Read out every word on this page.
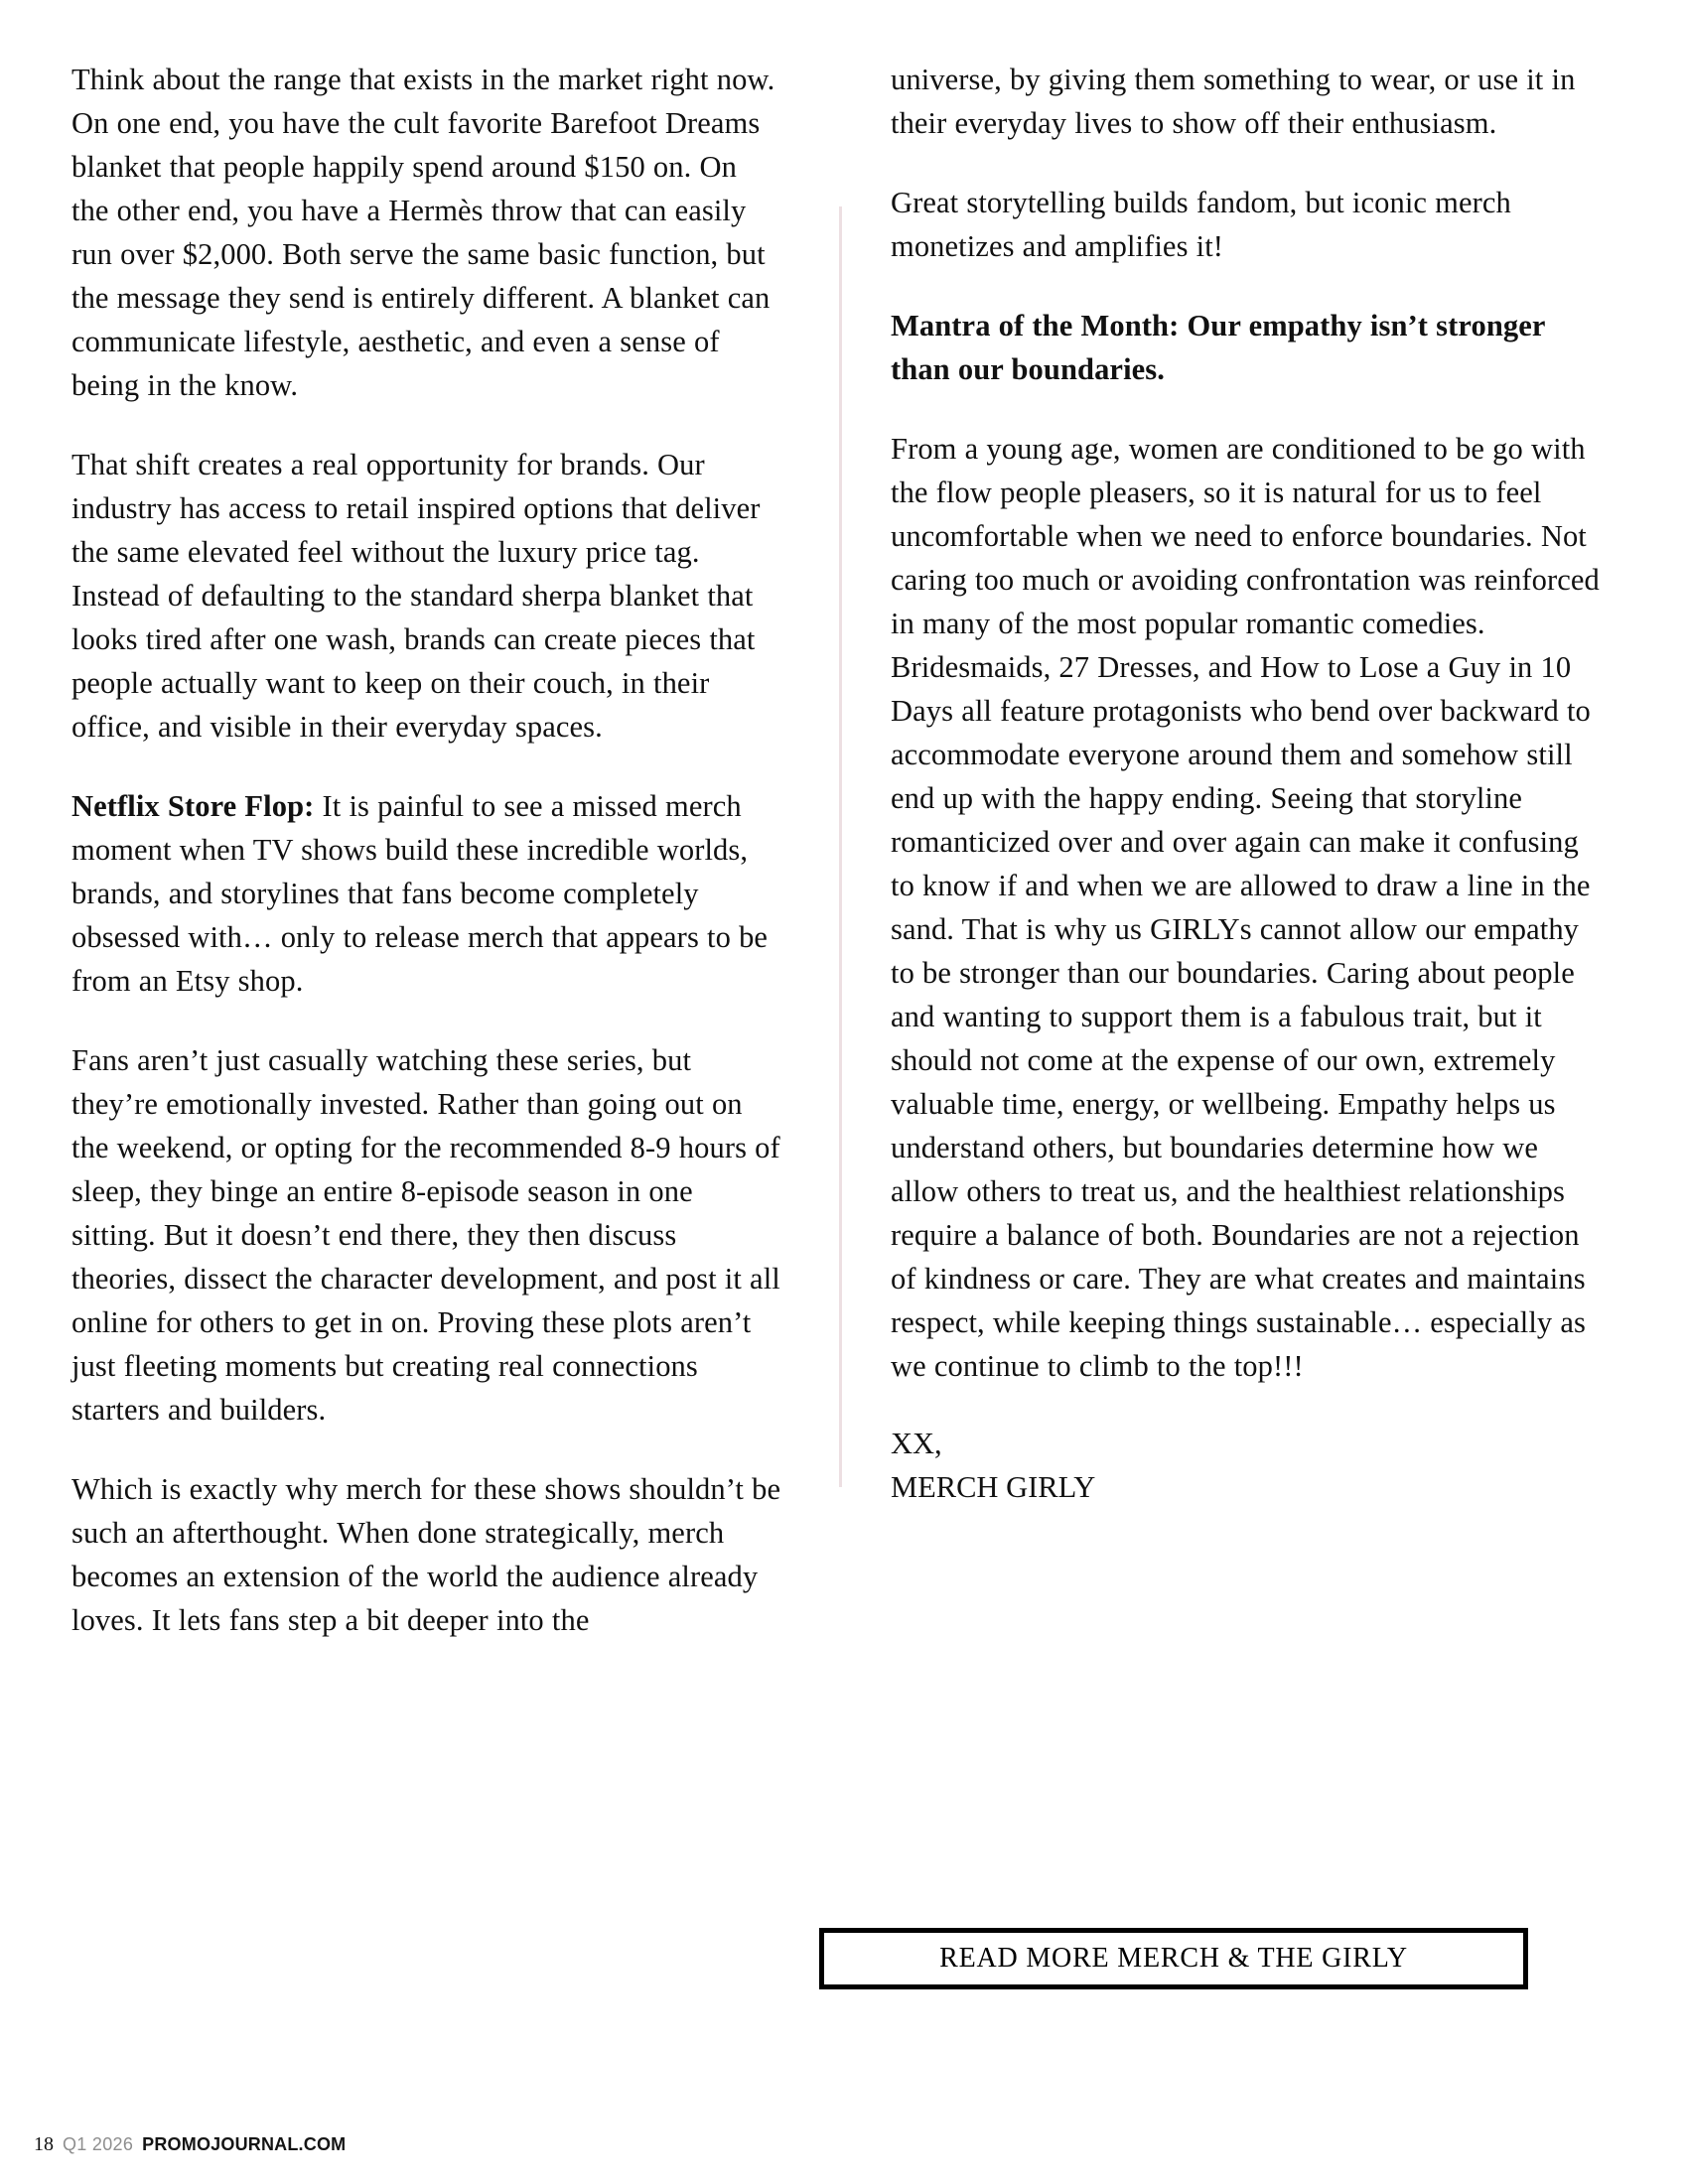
Think about the range that exists in the market right now. On one end, you have the cult favorite Barefoot Dreams blanket that people happily spend around $150 on. On the other end, you have a Hermès throw that can easily run over $2,000. Both serve the same basic function, but the message they send is entirely different. A blanket can communicate lifestyle, aesthetic, and even a sense of being in the know.

That shift creates a real opportunity for brands. Our industry has access to retail inspired options that deliver the same elevated feel without the luxury price tag. Instead of defaulting to the standard sherpa blanket that looks tired after one wash, brands can create pieces that people actually want to keep on their couch, in their office, and visible in their everyday spaces.

Netflix Store Flop: It is painful to see a missed merch moment when TV shows build these incredible worlds, brands, and storylines that fans become completely obsessed with… only to release merch that appears to be from an Etsy shop.

Fans aren’t just casually watching these series, but they’re emotionally invested. Rather than going out on the weekend, or opting for the recommended 8-9 hours of sleep, they binge an entire 8-episode season in one sitting. But it doesn’t end there, they then discuss theories, dissect the character development, and post it all online for others to get in on. Proving these plots aren’t just fleeting moments but creating real connections starters and builders.

Which is exactly why merch for these shows shouldn’t be such an afterthought. When done strategically, merch becomes an extension of the world the audience already loves. It lets fans step a bit deeper into the

universe, by giving them something to wear, or use it in their everyday lives to show off their enthusiasm.

Great storytelling builds fandom, but iconic merch monetizes and amplifies it!

Mantra of the Month: Our empathy isn’t stronger than our boundaries.

From a young age, women are conditioned to be go with the flow people pleasers, so it is natural for us to feel uncomfortable when we need to enforce boundaries. Not caring too much or avoiding confrontation was reinforced in many of the most popular romantic comedies. Bridesmaids, 27 Dresses, and How to Lose a Guy in 10 Days all feature protagonists who bend over backward to accommodate everyone around them and somehow still end up with the happy ending. Seeing that storyline romanticized over and over again can make it confusing to know if and when we are allowed to draw a line in the sand. That is why us GIRLYs cannot allow our empathy to be stronger than our boundaries. Caring about people and wanting to support them is a fabulous trait, but it should not come at the expense of our own, extremely valuable time, energy, or wellbeing. Empathy helps us understand others, but boundaries determine how we allow others to treat us, and the healthiest relationships require a balance of both. Boundaries are not a rejection of kindness or care. They are what creates and maintains respect, while keeping things sustainable… especially as we continue to climb to the top!!!

XX,
MERCH GIRLY
READ MORE MERCH & THE GIRLY
18 Q1 2026 PROMOJOURNAL.COM
